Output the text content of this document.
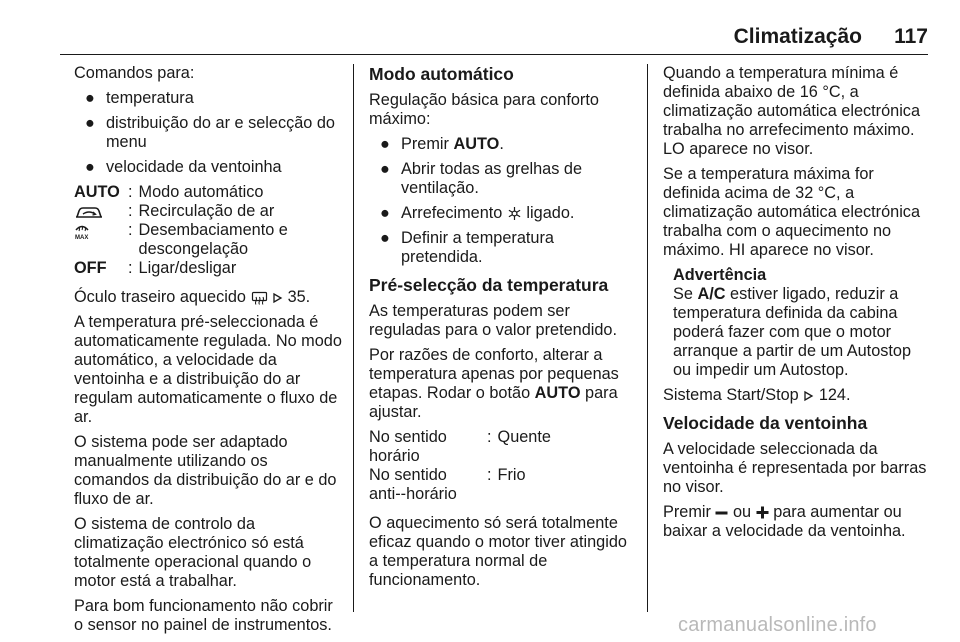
Climatização 117

Comandos para:

● temperatura
● distribuição do ar e selecção do menu
● velocidade da ventoinha
AUTO	:	Modo automático
	:	Recirculação de ar

MAX	:	Desembaciamento e descongelação
OFF	:	Ligar/desligar

Óculo traseiro aquecido	35.

A temperatura pré-seleccionada é automaticamente regulada. No modo automático, a velocidade da ventoinha e a distribuição do ar regulam automaticamente o fluxo de ar.

O sistema pode ser adaptado manualmente utilizando os comandos da distribuição do ar e do fluxo de ar.

O sistema de controlo da climatização electrónico só está totalmente operacional quando o motor está a trabalhar.

Para bom funcionamento não cobrir o sensor no painel de instrumentos.

Modo automático

Regulação básica para conforto máximo:

● Premir AUTO.
● Abrir todas as grelhas de ventilação.
● Arrefecimento ligado.
● Definir a temperatura pretendida.
Pré-selecção da temperatura

As temperaturas podem ser reguladas para o valor pretendido.

Por razões de conforto, alterar a temperatura apenas por pequenas etapas. Rodar o botão AUTO para ajustar.

No sentido horário	:	Quente
No sentido anti--horário	:	Frio

O aquecimento só será totalmente eficaz quando o motor tiver atingido a temperatura normal de funcionamento.

Quando a temperatura mínima é definida abaixo de 16 °C, a climatização automática electrónica trabalha no arrefecimento máximo. LO aparece no visor.

Se a temperatura máxima for definida acima de 32 °C, a climatização automática electrónica trabalha com o aquecimento no máximo. HI aparece no visor.

Advertência
Se A/C estiver ligado, reduzir a temperatura definida da cabina poderá fazer com que o motor arranque a partir de um Autostop ou impedir um Autostop.

Sistema Start/Stop 124.

Velocidade da ventoinha

A velocidade seleccionada da ventoinha é representada por barras no visor.

Premir ou para aumentar ou baixar a velocidade da ventoinha.

carmanualsonline.info
